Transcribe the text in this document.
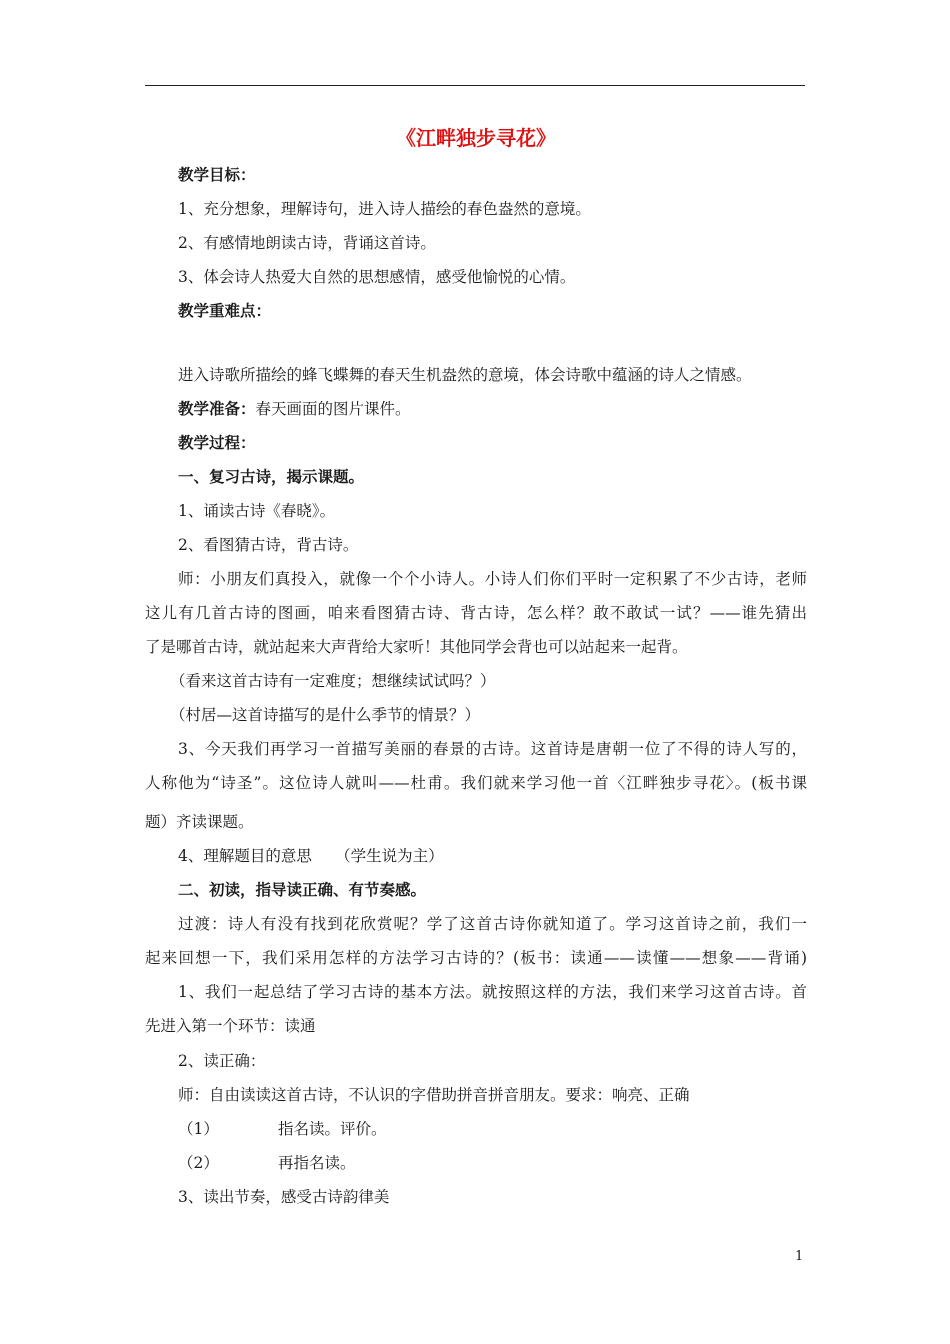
《江畔独步寻花》
教学目标：
1、充分想象，理解诗句，进入诗人描绘的春色盎然的意境。
2、有感情地朗读古诗，背诵这首诗。
3、体会诗人热爱大自然的思想感情，感受他愉悦的心情。
教学重难点：
进入诗歌所描绘的蜂飞蝶舞的春天生机盎然的意境，体会诗歌中蕴涵的诗人之情感。
教学准备：春天画面的图片课件。
教学过程：
一、复习古诗，揭示课题。
1、诵读古诗《春晓》。
2、看图猜古诗，背古诗。
师：小朋友们真投入，就像一个个小诗人。小诗人们你们平时一定积累了不少古诗，老师
这儿有几首古诗的图画，咱来看图猜古诗、背古诗，怎么样？敢不敢试一试？——谁先猜出
了是哪首古诗，就站起来大声背给大家听！其他同学会背也可以站起来一起背。
（看来这首古诗有一定难度；想继续试试吗？）
（村居—这首诗描写的是什么季节的情景？）
3、今天我们再学习一首描写美丽的春景的古诗。这首诗是唐朝一位了不得的诗人写的，
人称他为“诗圣”。这位诗人就叫——杜甫。我们就来学习他一首〈江畔独步寻花〉。(板书课
题）齐读课题。
4、理解题目的意思　　（学生说为主）
二、初读，指导读正确、有节奏感。
过渡：诗人有没有找到花欣赏呢？学了这首古诗你就知道了。学习这首诗之前，我们一
起来回想一下，我们采用怎样的方法学习古诗的？(板书：读通——读懂——想象——背诵)
1、我们一起总结了学习古诗的基本方法。就按照这样的方法，我们来学习这首古诗。首
先进入第一个环节：读通
2、读正确：
师：自由读读这首古诗，不认识的字借助拼音拼音朋友。要求：响亮、正确
（1）	指名读。评价。
（2）	再指名读。
3、读出节奏，感受古诗韵律美
1
